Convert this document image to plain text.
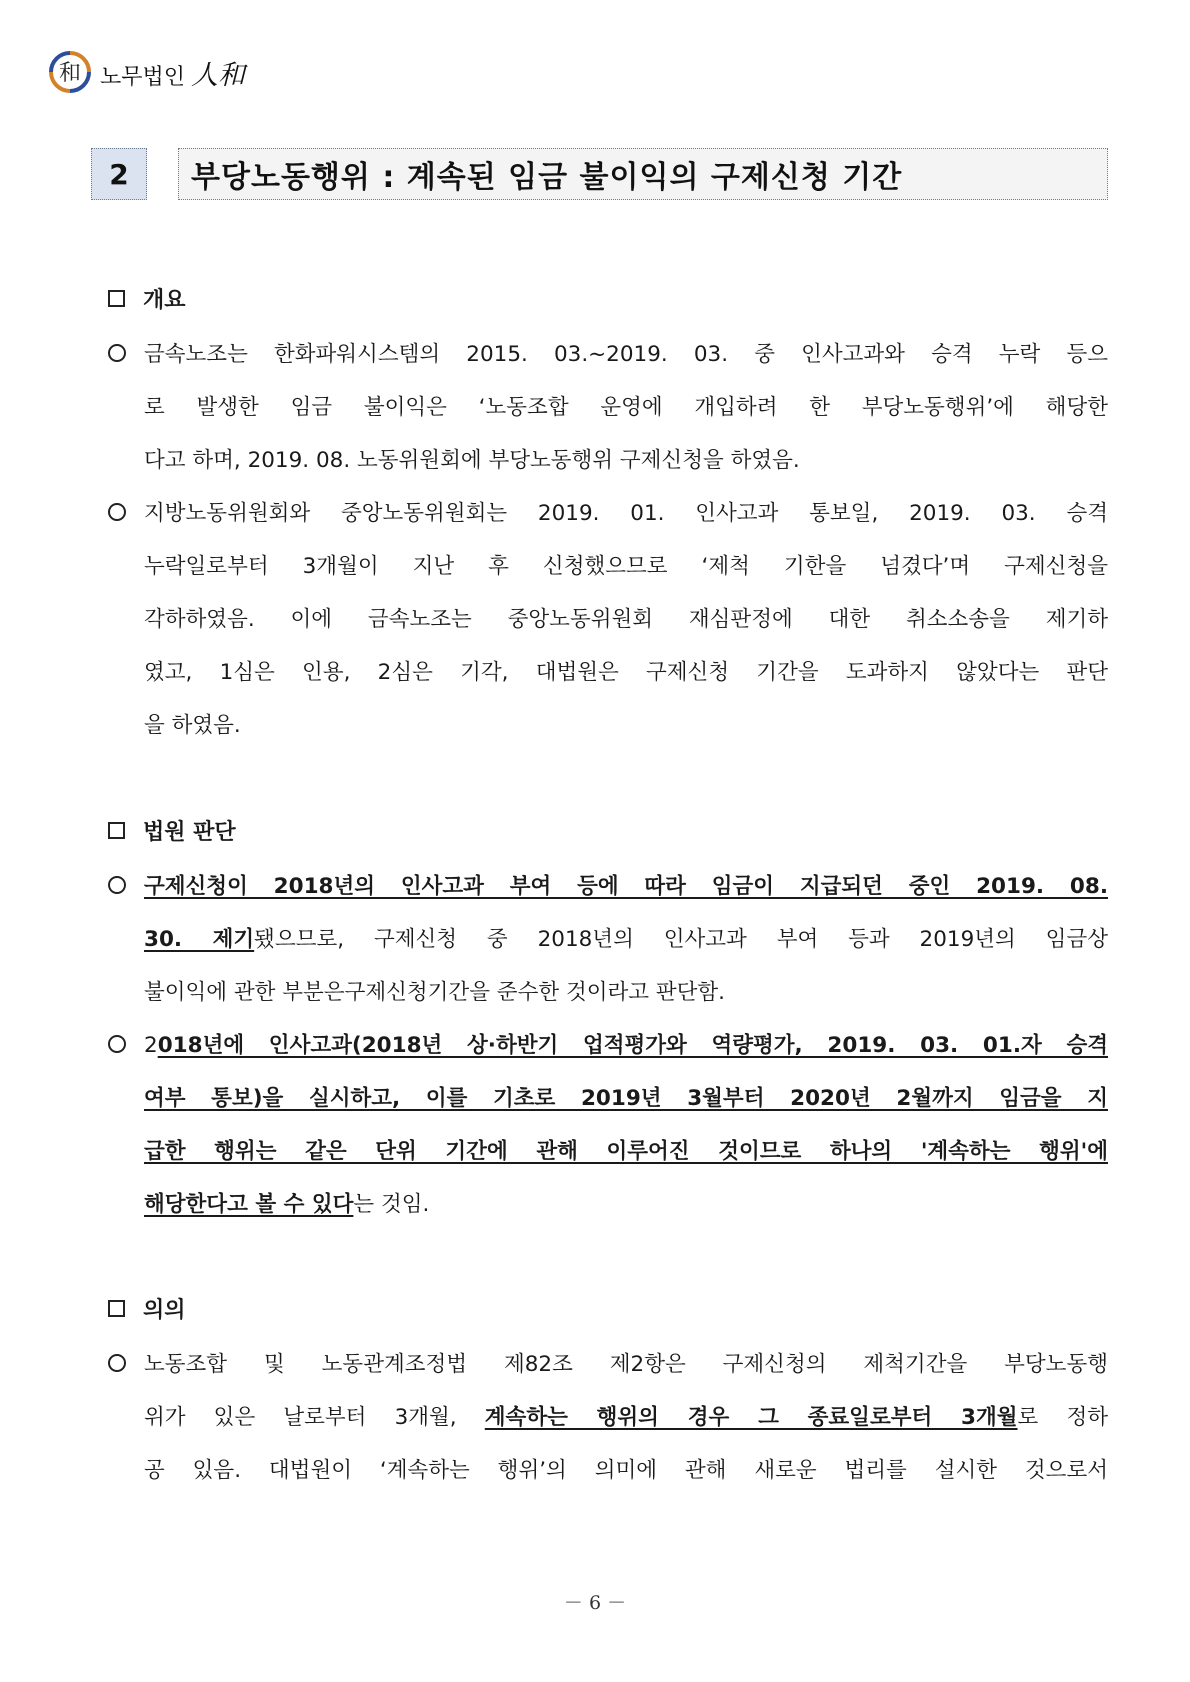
和 노무법인 人和
2	부당노동행위 : 계속된 임금 불이익의 구제신청 기간
개요
금속노조는 한화파워시스템의 2015. 03.~2019. 03. 중 인사고과와 승격 누락 등으
로 발생한 임금 불이익은 ‘노동조합 운영에 개입하려 한 부당노동행위’에 해당한
다고 하며, 2019. 08. 노동위원회에 부당노동행위 구제신청을 하였음.
지방노동위원회와 중앙노동위원회는 2019. 01. 인사고과 통보일, 2019. 03. 승격
누락일로부터 3개월이 지난 후 신청했으므로 ‘제척 기한을 넘겼다’며 구제신청을
각하하였음. 이에 금속노조는 중앙노동위원회 재심판정에 대한 취소소송을 제기하
였고, 1심은 인용, 2심은 기각, 대법원은 구제신청 기간을 도과하지 않았다는 판단
을 하였음.
법원 판단
구제신청이 2018년의 인사고과 부여 등에 따라 임금이 지급되던 중인 2019. 08.
30. 제기됐으므로, 구제신청 중 2018년의 인사고과 부여 등과 2019년의 임금상
불이익에 관한 부분은구제신청기간을 준수한 것이라고 판단함.
2018년에 인사고과(2018년 상·하반기 업적평가와 역량평가, 2019. 03. 01.자 승격
여부 통보)을 실시하고, 이를 기초로 2019년 3월부터 2020년 2월까지 임금을 지
급한 행위는 같은 단위 기간에 관해 이루어진 것이므로 하나의 '계속하는 행위'에
해당한다고 볼 수 있다는 것임.
의의
노동조합 및 노동관계조정법 제82조 제2항은 구제신청의 제척기간을 부당노동행
위가 있은 날로부터 3개월, 계속하는 행위의 경우 그 종료일로부터 3개월로 정하
공 있음. 대법원이 ‘계속하는 행위’의 의미에 관해 새로운 법리를 설시한 것으로서
－ 6 －
